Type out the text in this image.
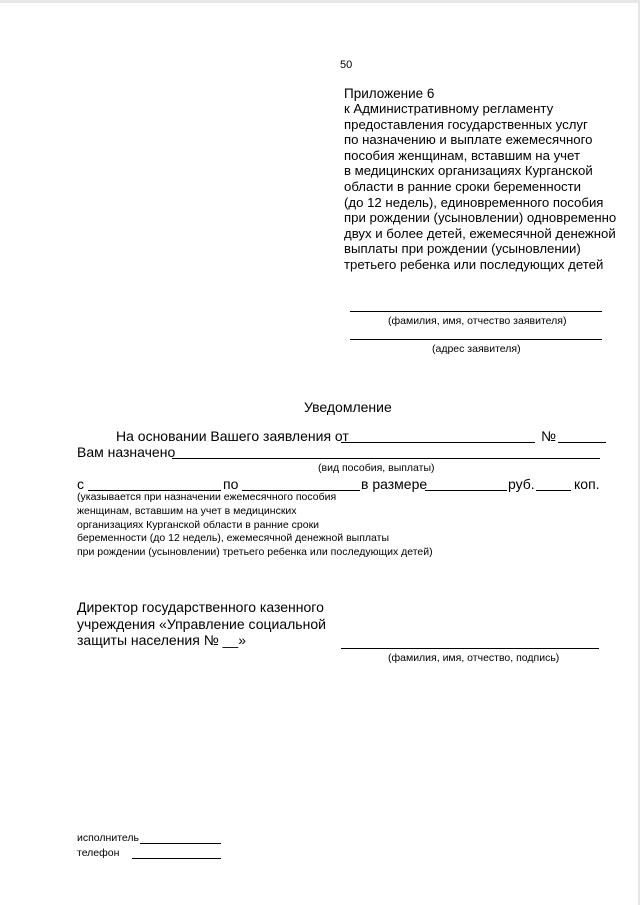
50
Приложение 6
к Административному регламенту
предоставления государственных услуг
по назначению и выплате ежемесячного
пособия женщинам, вставшим на учет
в медицинских организациях Курганской
области в ранние сроки беременности
(до 12 недель), единовременного пособия
при рождении (усыновлении) одновременно
двух и более детей, ежемесячной денежной
выплаты при рождении (усыновлении)
третьего ребенка или последующих детей
(фамилия, имя, отчество заявителя)
(адрес заявителя)
Уведомление
На основании Вашего заявления от	№
Вам назначено
(вид пособия, выплаты)
с	по	в размере	руб.	коп.
(указывается при назначении ежемесячного пособия
женщинам, вставшим на учет в медицинских
организациях Курганской области в ранние сроки
беременности (до 12 недель), ежемесячной денежной выплаты
при рождении (усыновлении) третьего ребенка или последующих детей)
Директор государственного казенного
учреждения «Управление социальной
защиты населения № __»
(фамилия, имя, отчество, подпись)
исполнитель
телефон
